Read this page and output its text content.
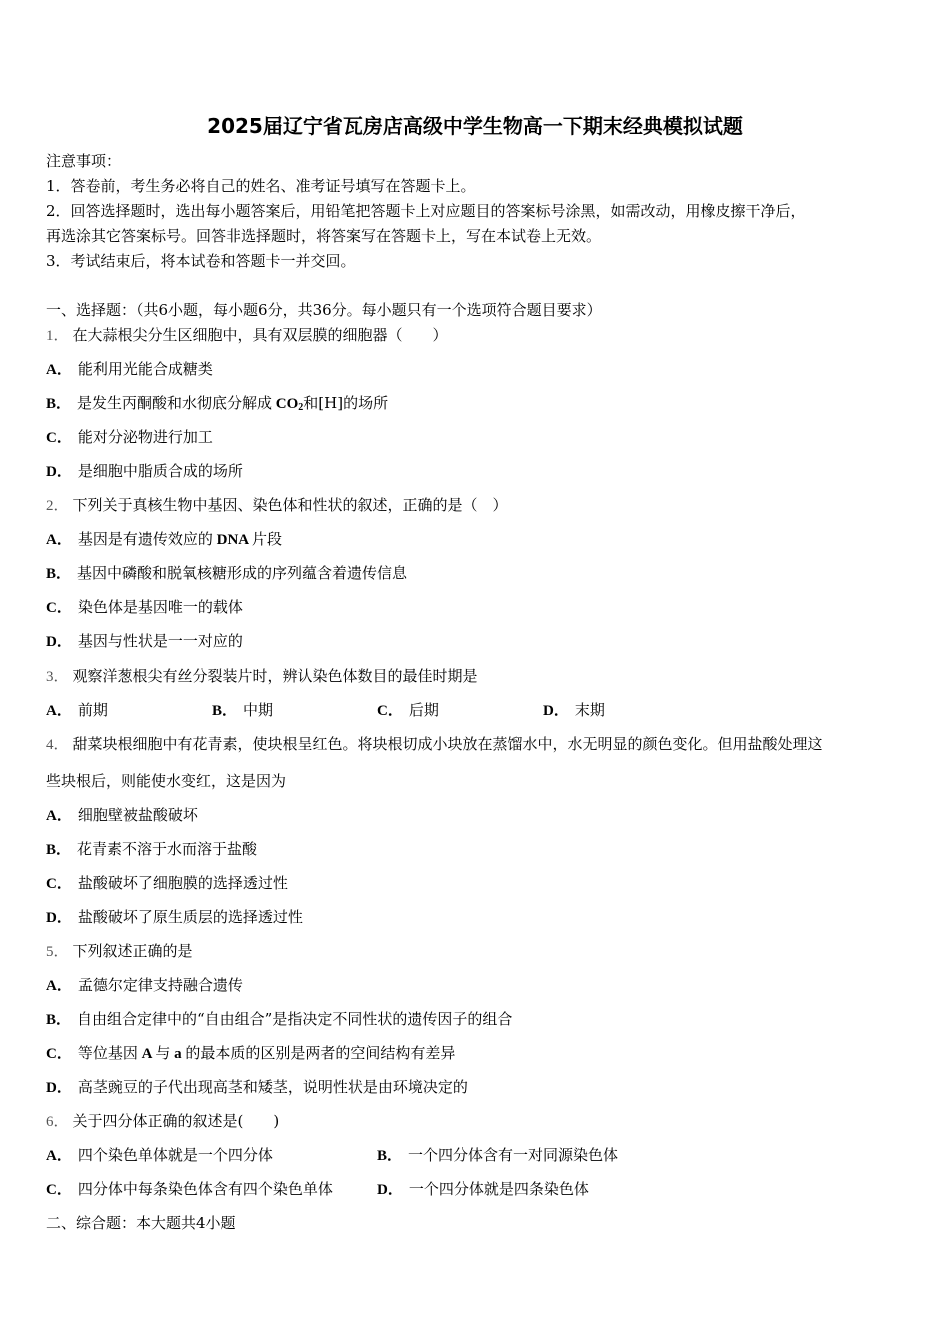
2025届辽宁省瓦房店高级中学生物高一下期末经典模拟试题
注意事项：
1．答卷前，考生务必将自己的姓名、准考证号填写在答题卡上。
2．回答选择题时，选出每小题答案后，用铅笔把答题卡上对应题目的答案标号涂黑，如需改动，用橡皮擦干净后，
再选涂其它答案标号。回答非选择题时，将答案写在答题卡上，写在本试卷上无效。
3．考试结束后，将本试卷和答题卡一并交回。
一、选择题：（共6小题，每小题6分，共36分。每小题只有一个选项符合题目要求）
1． 在大蒜根尖分生区细胞中，具有双层膜的细胞器（　　）
A． 能利用光能合成糖类
B． 是发生丙酮酸和水彻底分解成 $CO_2$和[H]的场所
C． 能对分泌物进行加工
D． 是细胞中脂质合成的场所
2． 下列关于真核生物中基因、染色体和性状的叙述，正确的是（　）
A． 基因是有遗传效应的 DNA 片段
B． 基因中磷酸和脱氧核糖形成的序列蕴含着遗传信息
C． 染色体是基因唯一的载体
D． 基因与性状是一一对应的
3． 观察洋葱根尖有丝分裂装片时，辨认染色体数目的最佳时期是
A． 前期	B． 中期	C． 后期	D． 末期
4． 甜菜块根细胞中有花青素，使块根呈红色。将块根切成小块放在蒸馏水中，水无明显的颜色变化。但用盐酸处理这
些块根后，则能使水变红，这是因为
A． 细胞壁被盐酸破坏
B． 花青素不溶于水而溶于盐酸
C． 盐酸破坏了细胞膜的选择透过性
D． 盐酸破坏了原生质层的选择透过性
5． 下列叙述正确的是
A． 孟德尔定律支持融合遗传
B． 自由组合定律中的“自由组合”是指决定不同性状的遗传因子的组合
C． 等位基因 A 与 a 的最本质的区别是两者的空间结构有差异
D． 高茎豌豆的子代出现高茎和矮茎，说明性状是由环境决定的
6． 关于四分体正确的叙述是(　　)
A． 四个染色单体就是一个四分体	B． 一个四分体含有一对同源染色体
C． 四分体中每条染色体含有四个染色单体	D． 一个四分体就是四条染色体
二、综合题：本大题共4小题
